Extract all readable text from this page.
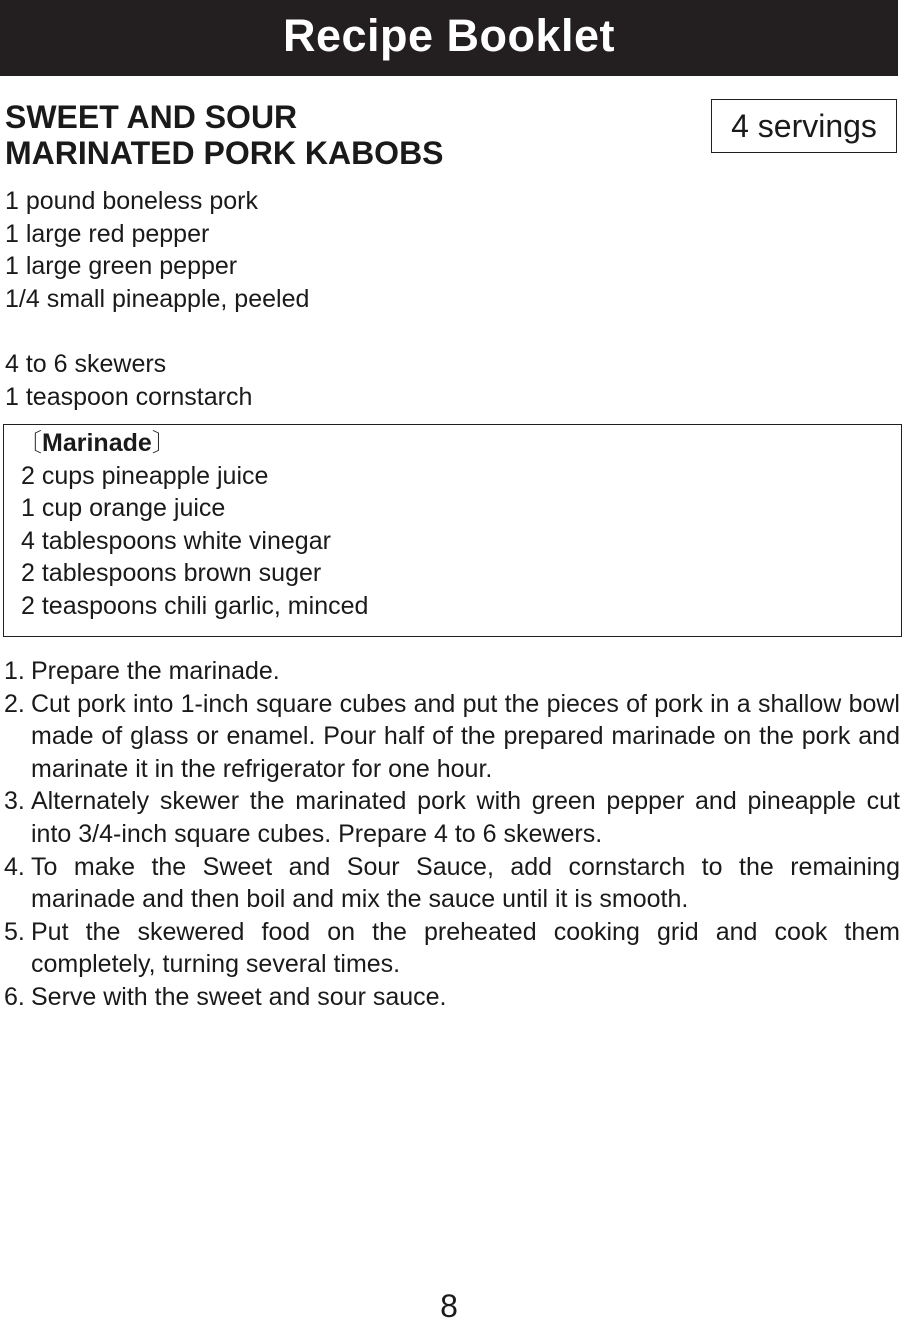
Recipe Booklet
SWEET AND SOUR
MARINATED PORK KABOBS
4 servings
1 pound boneless pork
1 large red pepper
1 large green pepper
1/4 small pineapple, peeled
4 to 6 skewers
1 teaspoon cornstarch
〔Marinade〕
2 cups pineapple juice
1 cup orange juice
4 tablespoons white vinegar
2 tablespoons brown suger
2 teaspoons chili garlic, minced
1. Prepare the marinade.
2. Cut pork into 1-inch square cubes and put the pieces of pork in a shallow bowl made of glass or enamel. Pour half of the prepared marinade on the pork and marinate it in the refrigerator for one hour.
3. Alternately skewer the marinated pork with green pepper and pineapple cut into 3/4-inch square cubes. Prepare 4 to 6 skewers.
4. To make the Sweet and Sour Sauce, add cornstarch to the remaining marinade and then boil and mix the sauce until it is smooth.
5. Put the skewered food on the preheated cooking grid and cook them completely, turning several times.
6. Serve with the sweet and sour sauce.
8
